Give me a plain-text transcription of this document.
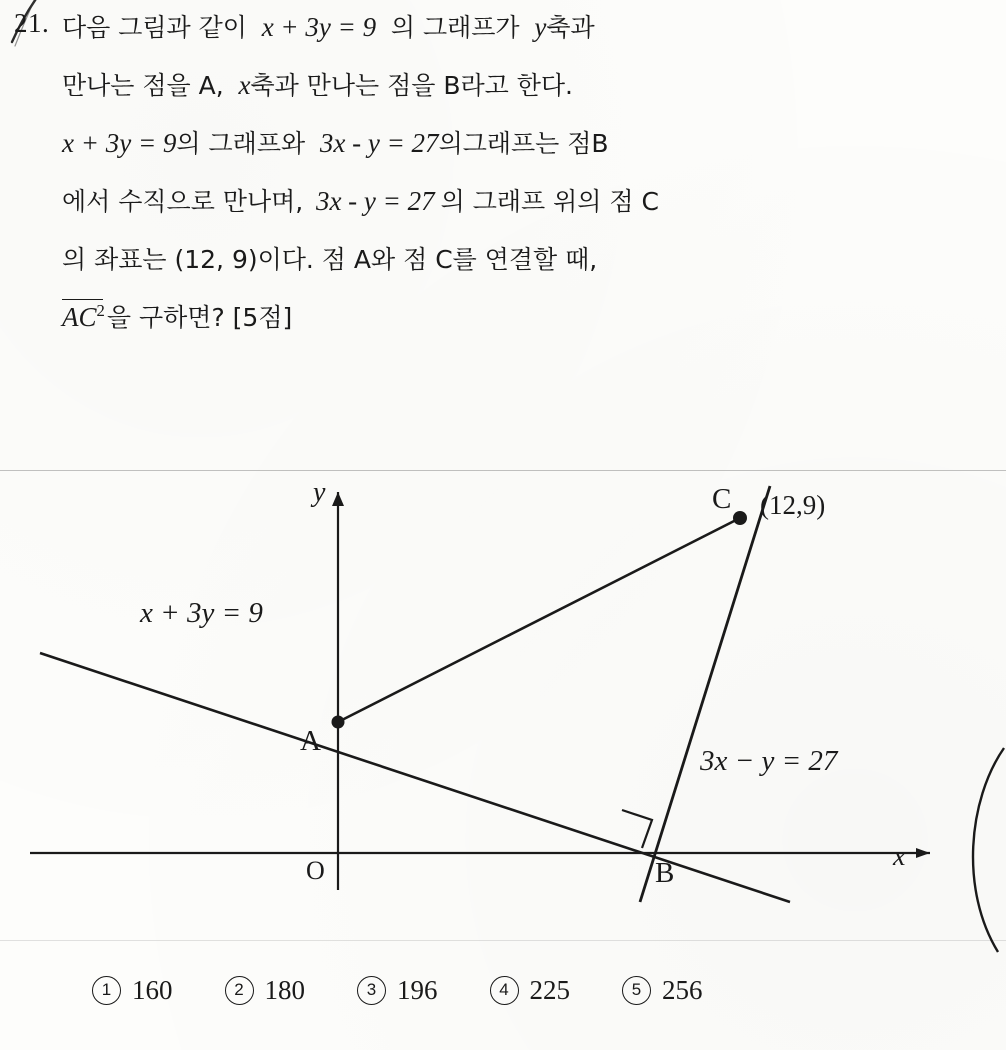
21. 다음 그림과 같이 x + 3y = 9 의 그래프가 y축과
만나는 점을 A, x축과 만나는 점을 B라고 한다.
x + 3y = 9의 그래프와 3x - y = 27의그래프는 점B
에서 수직으로 만나며, 3x - y = 27 의 그래프 위의 점 C
의 좌표는 (12, 9)이다. 점 A와 점 C를 연결할 때,
$AC^2$을 구하면? [5점]
A
B
C (12,9)
y
x
O
x + 3y = 9
3x − y = 27
1 160	2 180	3 196	4 225	5 256
